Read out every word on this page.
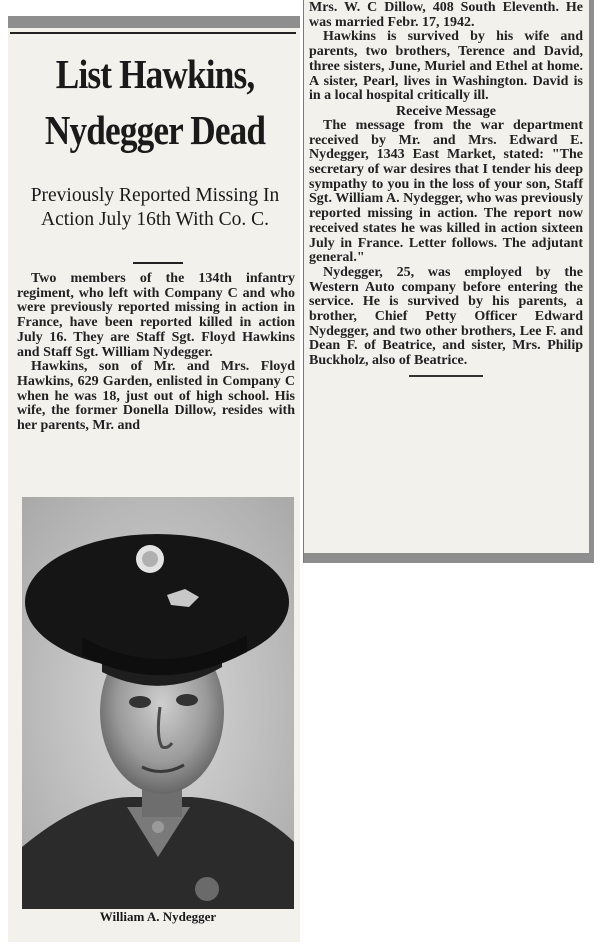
List Hawkins,
Nydegger Dead
Previously Reported Missing In Action July 16th With Co. C.

Two members of the 134th infantry regiment, who left with Company C and who were previously reported missing in action in France, have been reported killed in action July 16. They are Staff Sgt. Floyd Hawkins and Staff Sgt. William Nydegger.

Hawkins, son of Mr. and Mrs. Floyd Hawkins, 629 Garden, enlisted in Company C when he was 18, just out of high school. His wife, the former Donella Dillow, resides with her parents, Mr. and

William A. Nydegger

Mrs. W. C Dillow, 408 South Eleventh. He was married Febr. 17, 1942.

Hawkins is survived by his wife and parents, two brothers, Terence and David, three sisters, June, Muriel and Ethel at home. A sister, Pearl, lives in Washington. David is in a local hospital critically ill.

Receive Message

The message from the war department received by Mr. and Mrs. Edward E. Nydegger, 1343 East Market, stated: "The secretary of war desires that I tender his deep sympathy to you in the loss of your son, Staff Sgt. William A. Nydegger, who was previously reported missing in action. The report now received states he was killed in action sixteen July in France. Letter follows. The adjutant general."

Nydegger, 25, was employed by the Western Auto company before entering the service. He is survived by his parents, a brother, Chief Petty Officer Edward Nydegger, and two other brothers, Lee F. and Dean F. of Beatrice, and sister, Mrs. Philip Buckholz, also of Beatrice.
